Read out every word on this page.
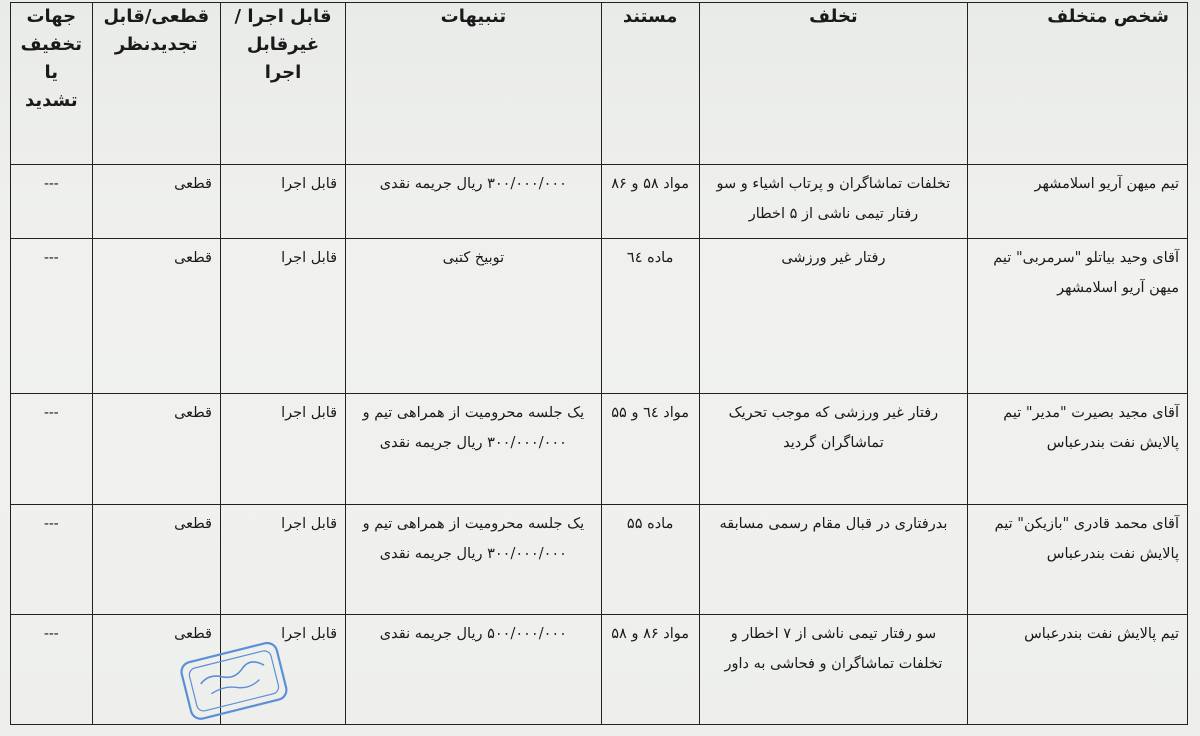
شخص متخلف	تخلف	مستند	تنبیهات	قابل اجرا /غیرقابل اجرا	قطعی/قابل تجدیدنظر	جهات تخفیف یا تشدید
تیم میهن آریو اسلامشهر	تخلفات تماشاگران و پرتاب اشیاء و سو رفتار تیمی ناشی از ۵ اخطار	مواد ۵۸ و ۸۶	۳۰۰/۰۰۰/۰۰۰ ریال جریمه نقدی	قابل اجرا	قطعی	---
آقای وحید بیاتلو "سرمربی" تیم میهن آریو اسلامشهر	رفتار غیر ورزشی	ماده ٦٤	توبیخ کتبی	قابل اجرا	قطعی	---
آقای مجید بصیرت "مدیر" تیم پالایش نفت بندرعباس	رفتار غیر ورزشی که موجب تحریک تماشاگران گردید	مواد ٦٤ و ۵۵	یک جلسه محرومیت از همراهی تیم و ۳۰۰/۰۰۰/۰۰۰ ریال جریمه نقدی	قابل اجرا	قطعی	---
آقای محمد قادری "بازیکن" تیم پالایش نفت بندرعباس	بدرفتاری در قبال مقام رسمی مسابقه	ماده ۵۵	یک جلسه محرومیت از همراهی تیم و ۳۰۰/۰۰۰/۰۰۰ ریال جریمه نقدی	قابل اجرا	قطعی	---
تیم پالایش نفت بندرعباس	سو رفتار تیمی ناشی از ۷ اخطار و تخلفات تماشاگران و فحاشی به داور	مواد ۸۶ و ۵۸	۵۰۰/۰۰۰/۰۰۰ ریال جریمه نقدی	قابل اجرا	قطعی	---
